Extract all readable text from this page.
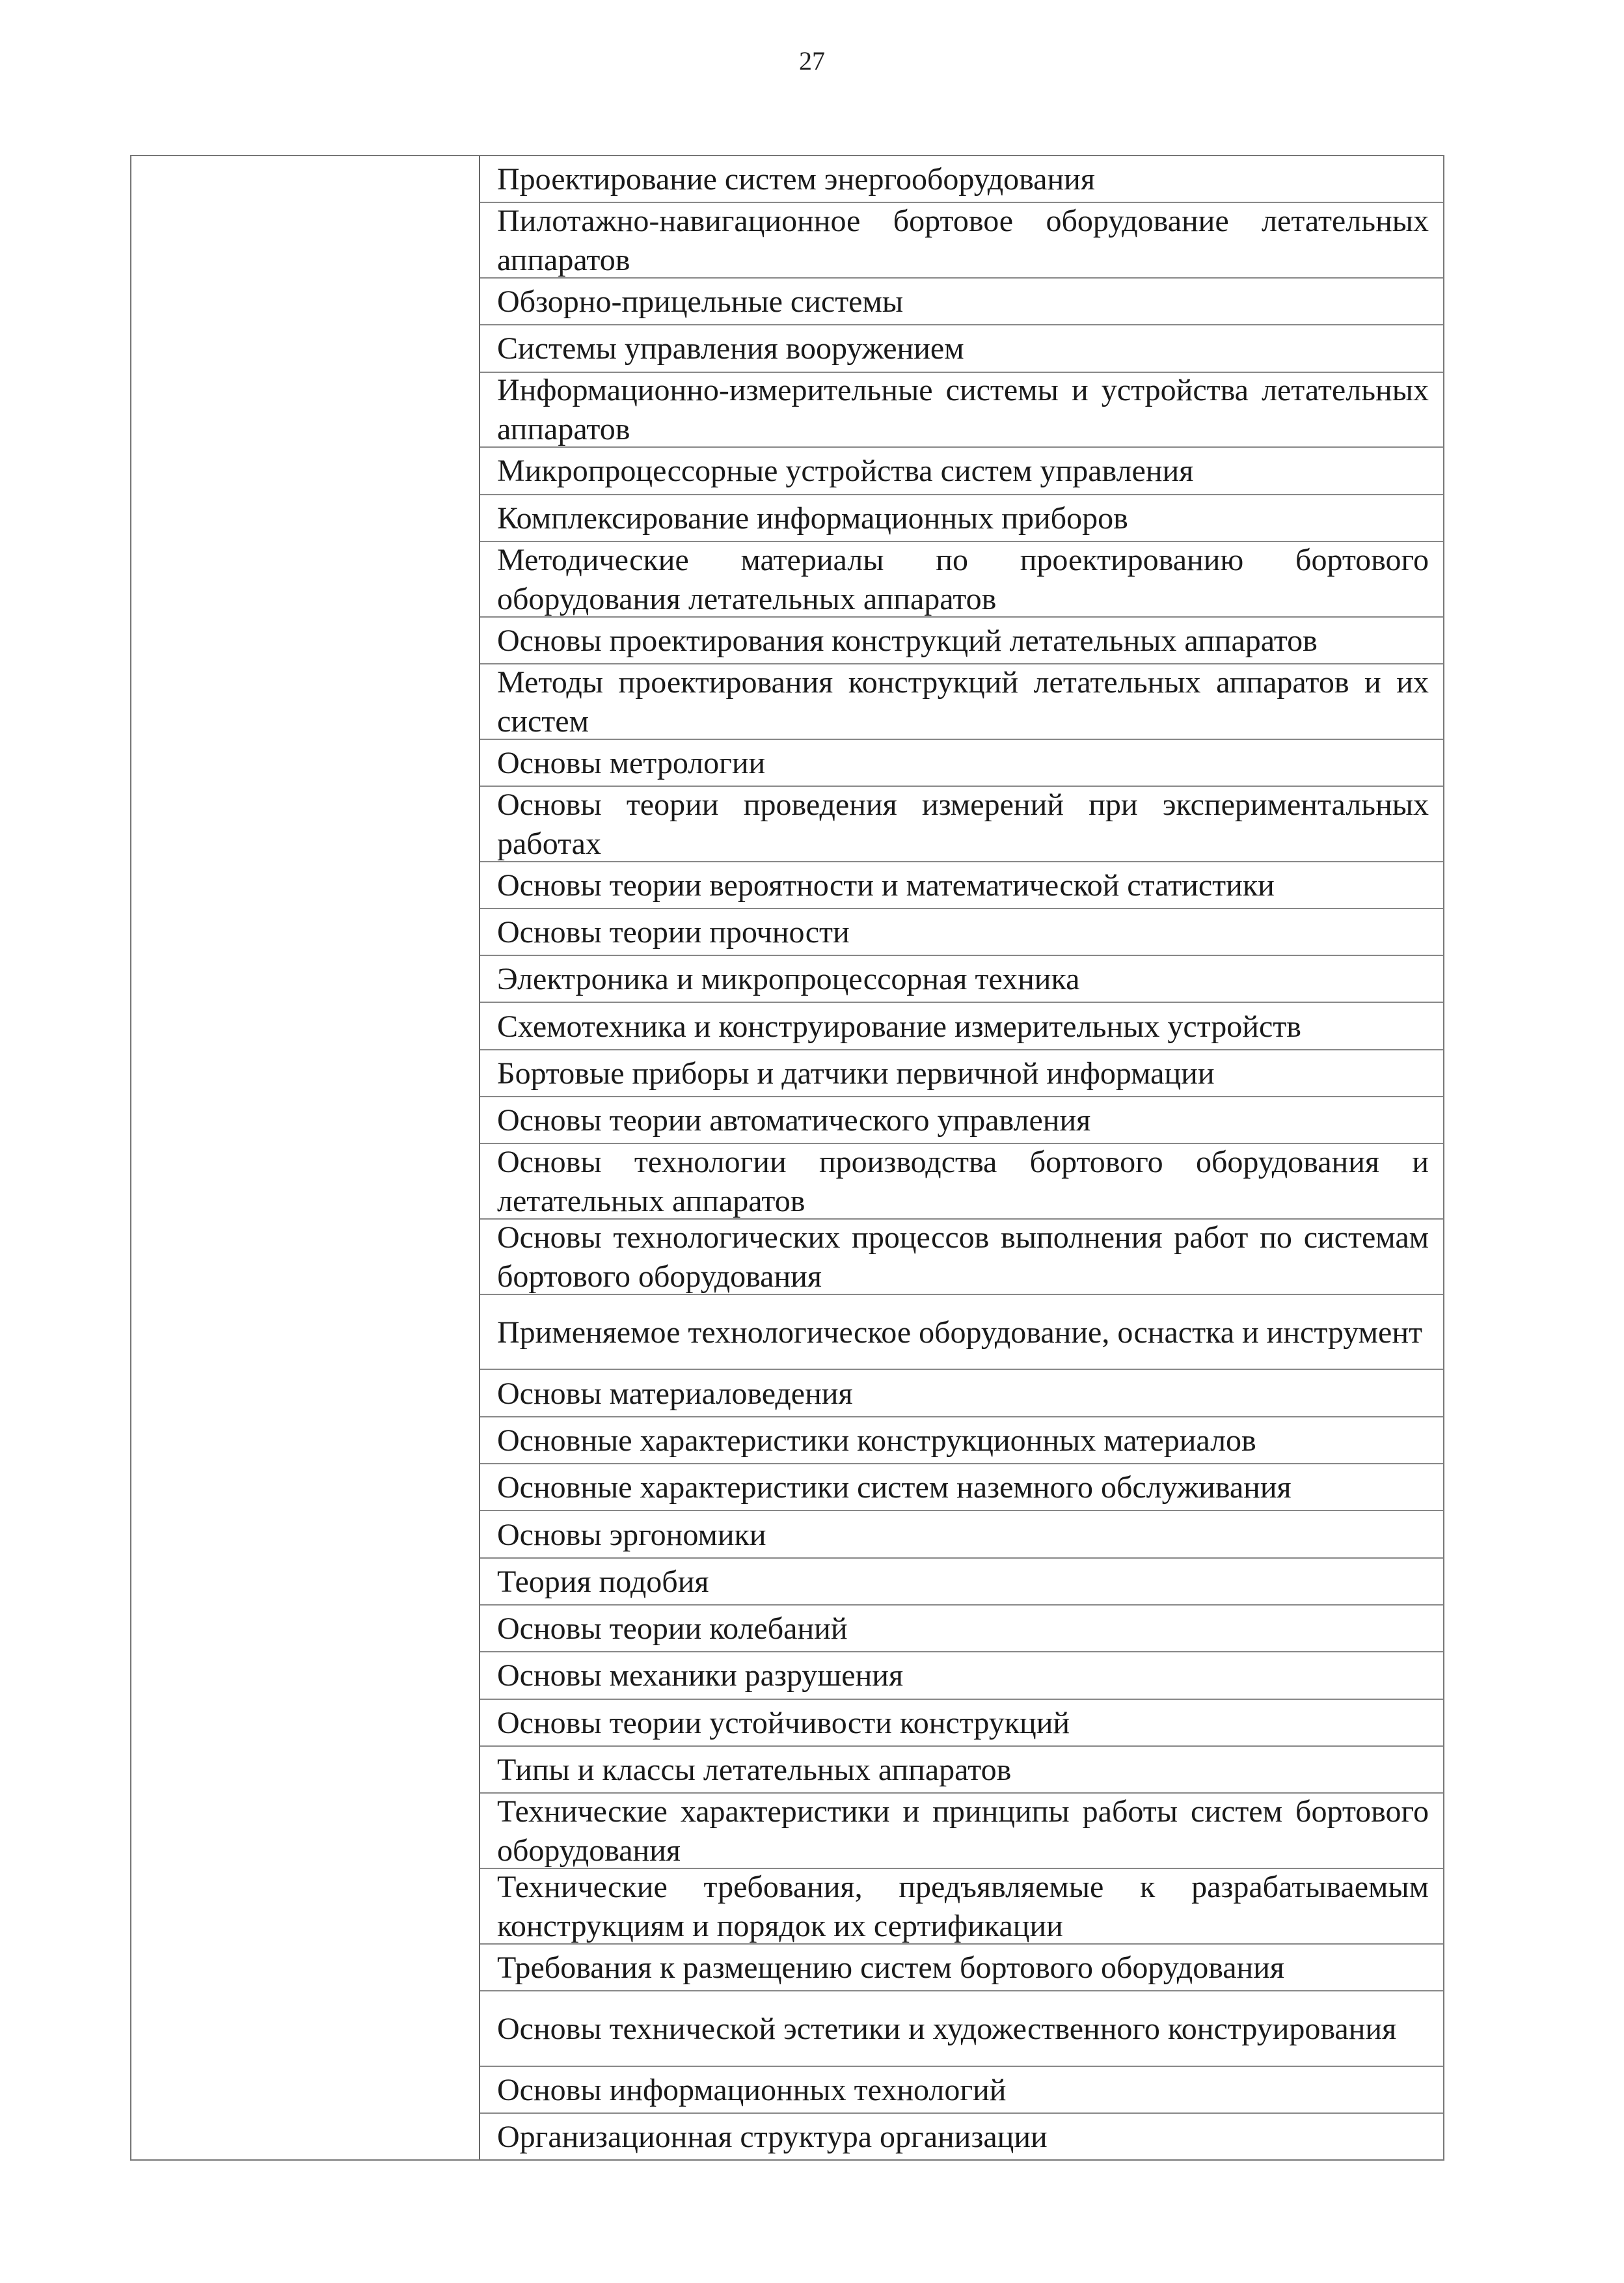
27
Проектирование систем энергооборудования
Пилотажно-навигационное бортовое оборудование летательных аппаратов
Обзорно-прицельные системы
Системы управления вооружением
Информационно-измерительные системы и устройства летательных аппаратов
Микропроцессорные устройства систем управления
Комплексирование информационных приборов
Методические материалы по проектированию бортового оборудования летательных аппаратов
Основы проектирования конструкций летательных аппаратов
Методы проектирования конструкций летательных аппаратов и их систем
Основы метрологии
Основы теории проведения измерений при экспериментальных работах
Основы теории вероятности и математической статистики
Основы теории прочности
Электроника и микропроцессорная техника
Схемотехника и конструирование измерительных устройств
Бортовые приборы и датчики первичной информации
Основы теории автоматического управления
Основы технологии производства бортового оборудования и летательных аппаратов
Основы технологических процессов выполнения работ по системам бортового оборудования
Применяемое технологическое оборудование, оснастка и инструмент
Основы материаловедения
Основные характеристики конструкционных материалов
Основные характеристики систем наземного обслуживания
Основы эргономики
Теория подобия
Основы теории колебаний
Основы механики разрушения
Основы теории устойчивости конструкций
Типы и классы летательных аппаратов
Технические характеристики и принципы работы систем бортового оборудования
Технические требования, предъявляемые к разрабатываемым конструкциям и порядок их сертификации
Требования к размещению систем бортового оборудования
Основы технической эстетики и художественного конструирования
Основы информационных технологий
Организационная структура организации
